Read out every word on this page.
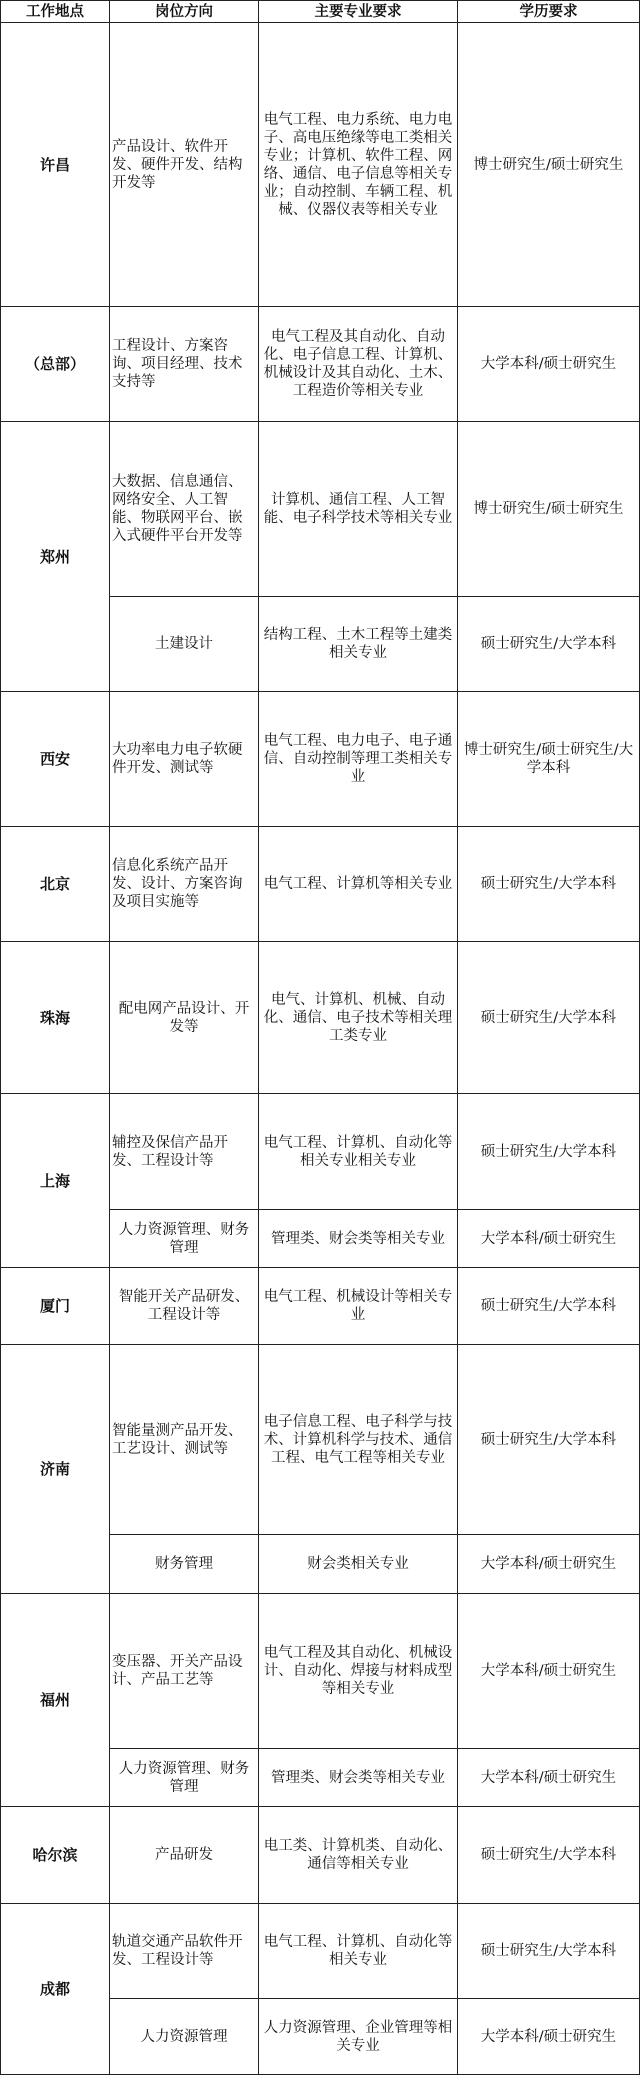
工作地点	岗位方向	主要专业要求	学历要求
许昌	产品设计、软件开发、硬件开发、结构开发等	电气工程、电力系统、电力电子、高电压绝缘等电工类相关专业；计算机、软件工程、网络、通信、电子信息等相关专业；自动控制、车辆工程、机械、仪器仪表等相关专业	博士研究生/硕士研究生
（总部）	工程设计、方案咨询、项目经理、技术支持等	电气工程及其自动化、自动化、电子信息工程、计算机、机械设计及其自动化、土木、工程造价等相关专业	大学本科/硕士研究生
郑州	大数据、信息通信、网络安全、人工智能、物联网平台、嵌入式硬件平台开发等	计算机、通信工程、人工智能、电子科学技术等相关专业	博士研究生/硕士研究生
	土建设计	结构工程、土木工程等土建类相关专业	硕士研究生/大学本科
西安	大功率电力电子软硬件开发、测试等	电气工程、电力电子、电子通信、自动控制等理工类相关专业	博士研究生/硕士研究生/大学本科
北京	信息化系统产品开发、设计、方案咨询及项目实施等	电气工程、计算机等相关专业	硕士研究生/大学本科
珠海	配电网产品设计、开发等	电气、计算机、机械、自动化、通信、电子技术等相关理工类专业	硕士研究生/大学本科
上海	辅控及保信产品开发、工程设计等	电气工程、计算机、自动化等相关专业相关专业	硕士研究生/大学本科
	人力资源管理、财务管理	管理类、财会类等相关专业	大学本科/硕士研究生
厦门	智能开关产品研发、工程设计等	电气工程、机械设计等相关专业	硕士研究生/大学本科
济南	智能量测产品开发、工艺设计、测试等	电子信息工程、电子科学与技术、计算机科学与技术、通信工程、电气工程等相关专业	硕士研究生/大学本科
	财务管理	财会类相关专业	大学本科/硕士研究生
福州	变压器、开关产品设计、产品工艺等	电气工程及其自动化、机械设计、自动化、焊接与材料成型等相关专业	大学本科/硕士研究生
	人力资源管理、财务管理	管理类、财会类等相关专业	大学本科/硕士研究生
哈尔滨	产品研发	电工类、计算机类、自动化、通信等相关专业	硕士研究生/大学本科
成都	轨道交通产品软件开发、工程设计等	电气工程、计算机、自动化等相关专业	硕士研究生/大学本科
	人力资源管理	人力资源管理、企业管理等相关专业	大学本科/硕士研究生
